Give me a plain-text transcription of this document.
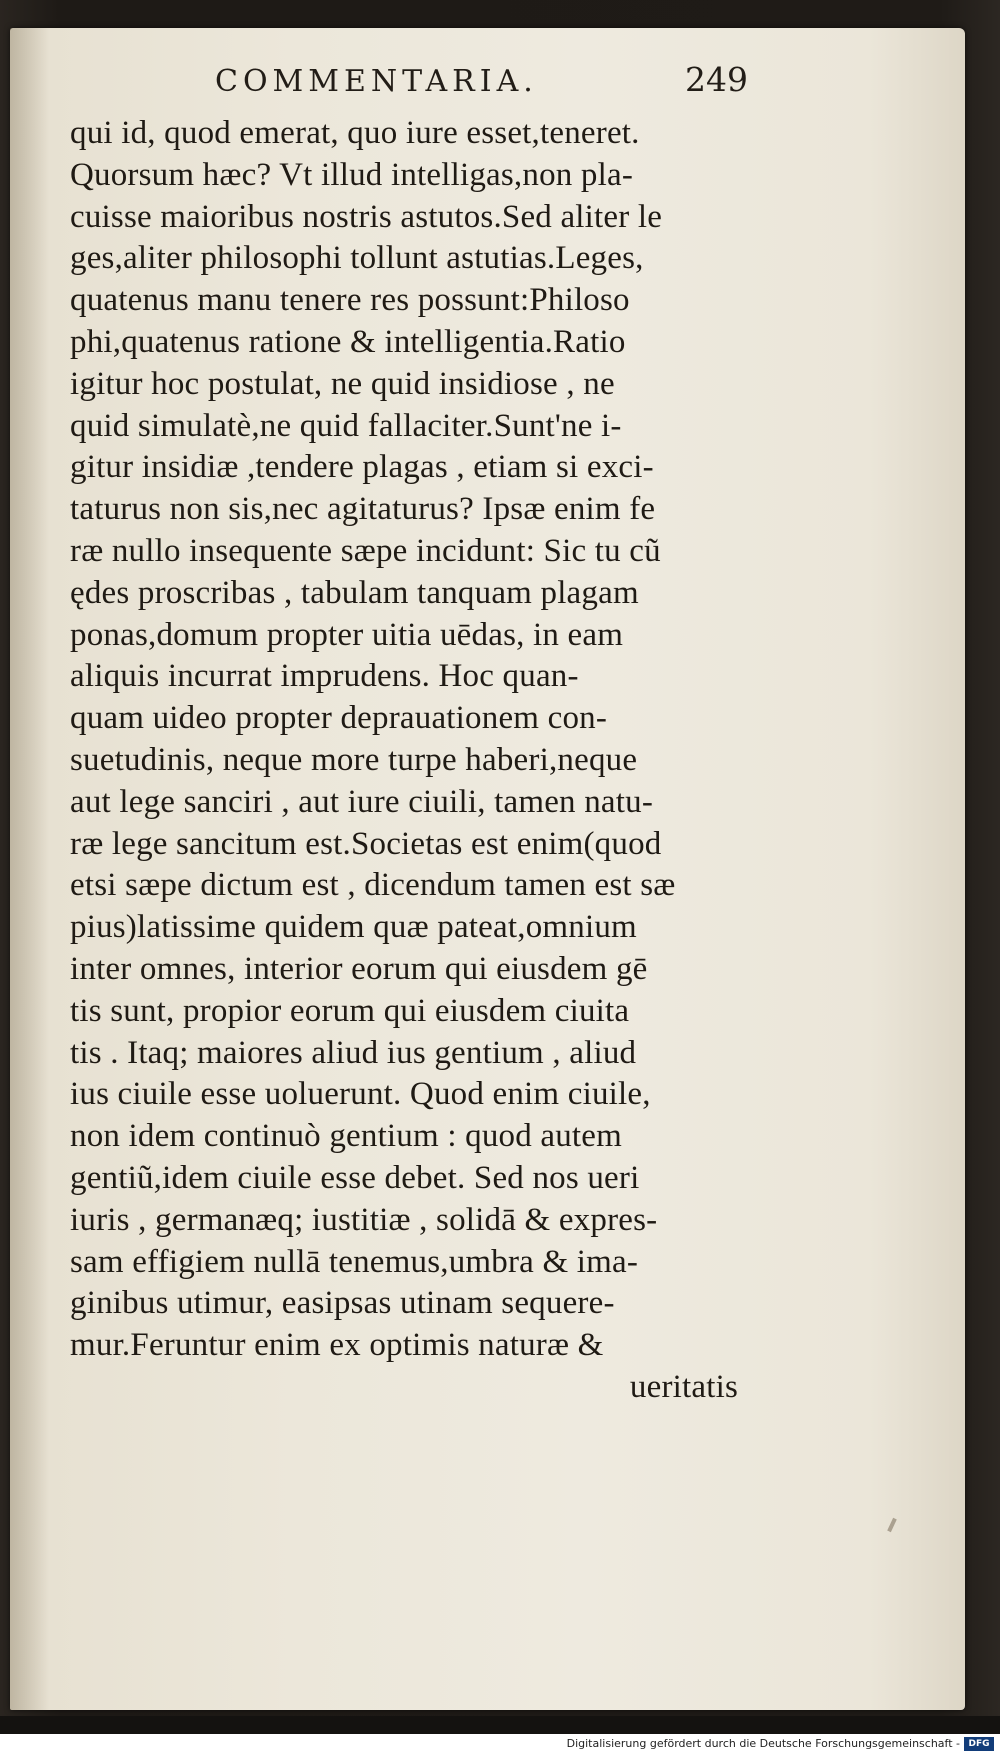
COMMENTARIA.	249
qui id, quod emerat, quo iure esset,teneret.
Quorsum hæc? Vt illud intelligas,non pla-
cuisse maioribus nostris astutos.Sed aliter le
ges,aliter philosophi tollunt astutias.Leges,
quatenus manu tenere res possunt:Philoso
phi,quatenus ratione & intelligentia.Ratio
igitur hoc postulat, ne quid insidiose , ne
quid simulatè,ne quid fallaciter.Sunt'ne i-
gitur insidiæ ,tendere plagas , etiam si exci-
taturus non sis,nec agitaturus? Ipsæ enim fe
ræ nullo insequente sæpe incidunt: Sic tu cũ
ędes proscribas , tabulam tanquam plagam
ponas,domum propter uitia uēdas, in eam
aliquis incurrat imprudens. Hoc quan-
quam uideo propter deprauationem con-
suetudinis, neque more turpe haberi,neque
aut lege sanciri , aut iure ciuili, tamen natu-
ræ lege sancitum est.Societas est enim(quod
etsi sæpe dictum est , dicendum tamen est sæ
pius)latissime quidem quæ pateat,omnium
inter omnes, interior eorum qui eiusdem gē
tis sunt, propior eorum qui eiusdem ciuita
tis . Itaq; maiores aliud ius gentium , aliud
ius ciuile esse uoluerunt. Quod enim ciuile,
non idem continuò gentium : quod autem
gentiũ,idem ciuile esse debet. Sed nos ueri
iuris , germanæq; iustitiæ , solidā & expres-
sam effigiem nullā tenemus,umbra & ima-
ginibus utimur, easipsas utinam sequere-
mur.Feruntur enim ex optimis naturæ &
ueritatis
Digitalisierung gefördert durch die Deutsche Forschungsgemeinschaft - DFG
